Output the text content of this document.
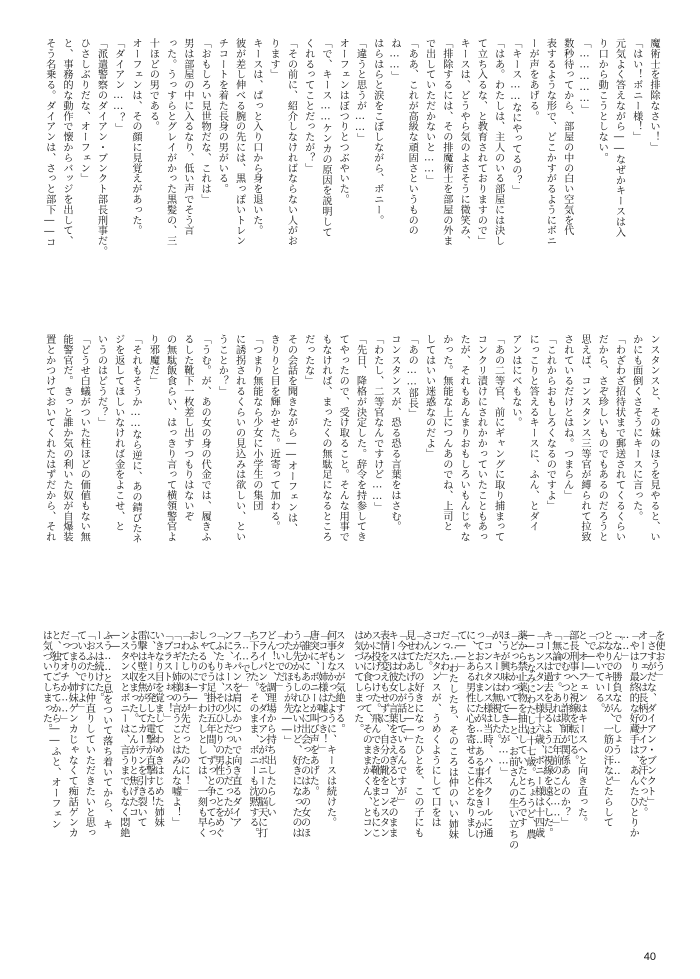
魔術士を排除なさい！」
「はい！ボニー様！」
元気よく答えながら――なぜかキースは入
り口から動こうとしない。
「……………」
数秒待ってから、部屋の中の白い空気を代
表するような形で、どこかすがるようにボニ
ーが声をあげる。
「キース……なにやってるの？」
「はあ。わたしは、主人のいる部屋には決し
て立ち入るな、と教育されておりますので」
キースは、どうやら気のよさそうに微笑み、
「排除するには、その排魔術士を部屋の外ま
で出していただかないと……」
「ああ、これが高級な頑固さというものの
ね……」
はらはらと涙をこぼしながら、ボニー。
「違うと思うが……」
オーフェンはぼつりとつぶやいた。
「で、キース……ケンカの原因を説明して
くれるってことだったが？」
「その前に、紹介しなければならない人がお
ります」
キースは、ぱっと入り口から身を退いた。
彼が差し伸べる腕の先には、黒っぽいトレン
チコートを着た長身の男がいる。
「おもしろい見世物だな、これは」
男は部屋の中に入るなり、低い声でそう言
った。うっすらとグレイがかった黒髪の、三
十ほどの男である。
オーフェンは、その顔に見覚えがあった。
「ダイアン……？」
「派遣警察のダイアン・ブンクト部長刑事だ。
ひさしぶりだな、オーフェン」
と、事務的な動作で懐からバッジを出して、
そう名乗る。ダイアンは、さっと部下――コ
ンスタンスと、その妹のほうを見やると、い
かにも面倒くさそうにキースに言った。
「わざわざ招待状まで郵送されてくるくらい
だから、さぞ珍しいものでもあるのだろうと
思えば、コンスタンス三等官が縛られて拉致
されているだけとはね。つまらん」
「これからおもしろくなるのですよ」
にっこりと答えるキースに、ふん、とダイ
アンはにべもない。
「あの二等官、前にギャングに取り捕まって
コンクリ漬けにされかかっていたこともあっ
たが、それもあんまりおもしろいもんじゃな
かった。無能な上につんあのでね、上司と
してはいい迷惑なのだよ」
「あの……部長」
コンスタンスが、恐る恐る言葉をはさむ。
「わたし、二等官なんですけど……」
「先日、降格が決定した。辞令を持参してき
てやったので、受け取ること。そんな用事で
もなければ、まったくの無駄足になるところ
だったな」
その会話を聞きながら――オーフェンは、
きりりと目を輝かせた。近寄って加わる。
「つまり無能なら少女に小学生の集団
に誘拐されるくらいの見込みは欲しい、とい
うことか？」
「うむ。が、あの女の身の代金では、履きふ
るした靴下一枚差し出すつもりはないぞ
の無駄飯食らい、はっきり言って横領警官よ
り邪魔だ」
「それもそうか……なら逆に、あの錆びたネ
ジを返してほしいなければ金をよこせ、と
いうのはどうだ？」
「どうせ白蟻がついた柱ほどの価値もない無
能警官だ。きっと誰か気の利いた奴が自爆装
置とかつけておいてくれたはずだから、それ
を使おう」
「さすがだな、ダイアン・ブンクト」
オーフェンは長柄のナイフを汗ぐった。
「やはり最終的な好蔵手は、あんたひとりか
……」
「なんの勝負なんでしょう……」
となりでキースが、一筋の汗などたらして
つぶやいている。
「で――」
と、オーフェンはキースへと向き直った。
部長刑事へと視線を転じる。
「このむっつり詐欺師が関係あんのか？」
「無論です。あれは、五年前のこと……」
キースは過去を見るように視線を遠くした。
「コンスタンス様十六歳、ボニー様は十四歳
――ちなみにわたしは十七歳。ちょうど、農
薬から禁止薬物を抽出していたところです
「どっちかって――と、お前さんの生い立ちの
ほうが興味わいてきたが……」
が、キースは無視した。
「コンスタンス様は当時、ハイスクールに通
っておられましたが……ある事件をきっかけ
に、とある男性に心を寄せることとなりまし
て――」
「……わたしたち、そのころは仲のいい姉妹
だったわ」
コンスタンスが、うめくようにして口をは
さんだ。
「わたしの好きになったひとを、この子にも
見せてあげようと――」
「今はわたしが話しているんですが」
キースは彼女の言葉をさえぎると、そのまま
表情を変えもせずに、自分の靴をコンスタン
スに投げつけた。飛んできた靴をまともにこ
めかみに食らって、そのままかくん、とコン
は気づいてしまった。
スタンスが気絶する。
何事もなかったように、キースは続けた。
「コギー姉様は嘘つき！」
唐突に、ボニーが叫び声をあげた。
「誰かにあのひとに出会ったのはあの女のほ
うが先かもしれないけど、好きになったのは
わたしのほうが先――」
「ついでだ」
どん！と、調理場から持ち出したらしい
フライパンを、ダイアンがボニーの脳天に打
ち下ろした。そのまま、ボニーも沈黙する。
「……で？」
フライパンを肩にかついで向き直るダイア
ンに、キースは少しだったようだったが、
「ふたりは、そのひとりの男性のことをめぐ
って、もう足掛け五年間、ずっと争ってらっ
しゃるのです。わたしとしては、一刻も早く
おふたりに――」
「わたしのほうが先だったのに！」
「コギー姉様の言うことはみんな嘘よ！」
「ブラストぉっ！」
いきなり目を覚ましてわめきはじめた姉妹
に、キースが発した電撃が直撃する！
雷撃は壁を焦がしてカーテンを引き裂いて
ようやく収まった。こんがりと焦げたコ
ンスタンスとボニーは、言うまでもなく悶絶
――
ふう……と息をついて落ち着いてから、キ
ースは続けた。
「おふたりに仲直りしていただきたいと思っ
ているのですよ」
「つまり、姉妹ゲンカじゃなくて痴話ゲンカ
だってオチか……」
と、独りごちてから――ふと、オーフェン
は気づいてしまった。
40
